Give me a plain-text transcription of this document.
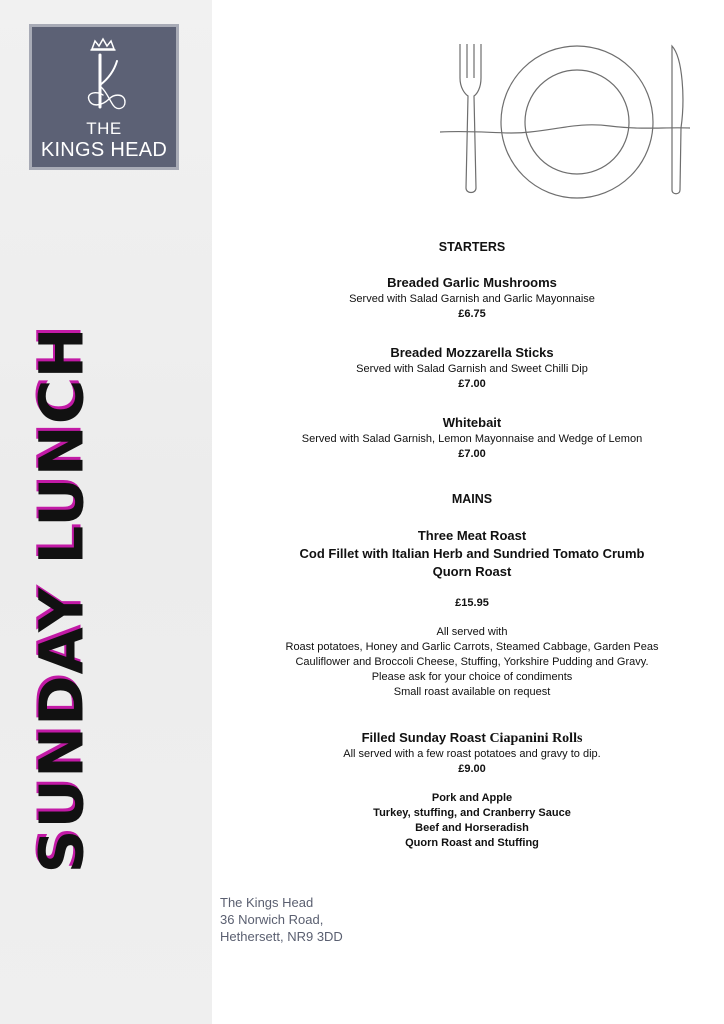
THE
KINGS HEAD
SUNDAY LUNCH
The Kings Head
36 Norwich Road,
Hethersett, NR9 3DD
STARTERS
Breaded Garlic Mushrooms
Served with Salad Garnish and Garlic Mayonnaise
£6.75
Breaded Mozzarella Sticks
Served with Salad Garnish and Sweet Chilli Dip
£7.00
Whitebait
Served with Salad Garnish, Lemon Mayonnaise and Wedge of Lemon
£7.00
MAINS
Three Meat Roast
Cod Fillet with Italian Herb and Sundried Tomato Crumb
Quorn Roast
£15.95
All served with
Roast potatoes, Honey and Garlic Carrots, Steamed Cabbage, Garden Peas
Cauliflower and Broccoli Cheese, Stuffing, Yorkshire Pudding and Gravy.
Please ask for your choice of condiments
Small roast available on request
Filled Sunday Roast Ciapanini Rolls
All served with a few roast potatoes and gravy to dip.
£9.00
Pork and Apple
Turkey, stuffing, and Cranberry Sauce
Beef and Horseradish
Quorn Roast and Stuffing
